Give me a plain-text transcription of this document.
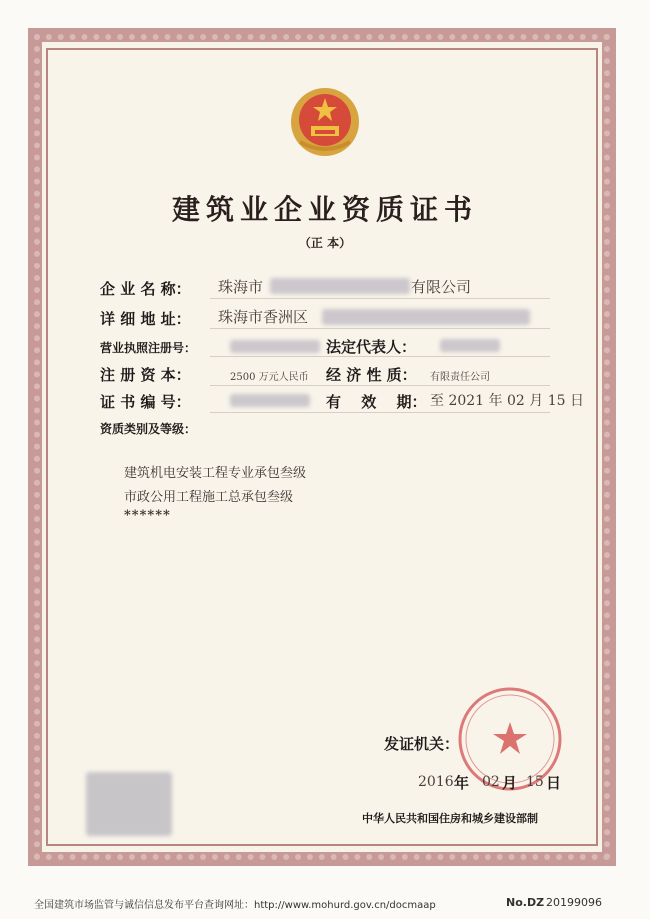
建筑业企业资质证书
（正 本）
企 业 名 称： 珠海市	有限公司
详 细 地 址： 珠海市香洲区
营业执照注册号：	法定代表人：
注 册 资 本：	2500 万元人民币 经 济 性 质： 有限责任公司
证 书 编 号：	有　 效　 期： 至 2021 年 02 月 15 日
资质类别及等级：
建筑机电安装工程专业承包叁级
市政公用工程施工总承包叁级
******
发证机关：
2016 年 02 月 15 日
中华人民共和国住房和城乡建设部制
全国建筑市场监管与诚信信息发布平台查询网址：http://www.mohurd.gov.cn/docmaap	No.DZ 20199096
